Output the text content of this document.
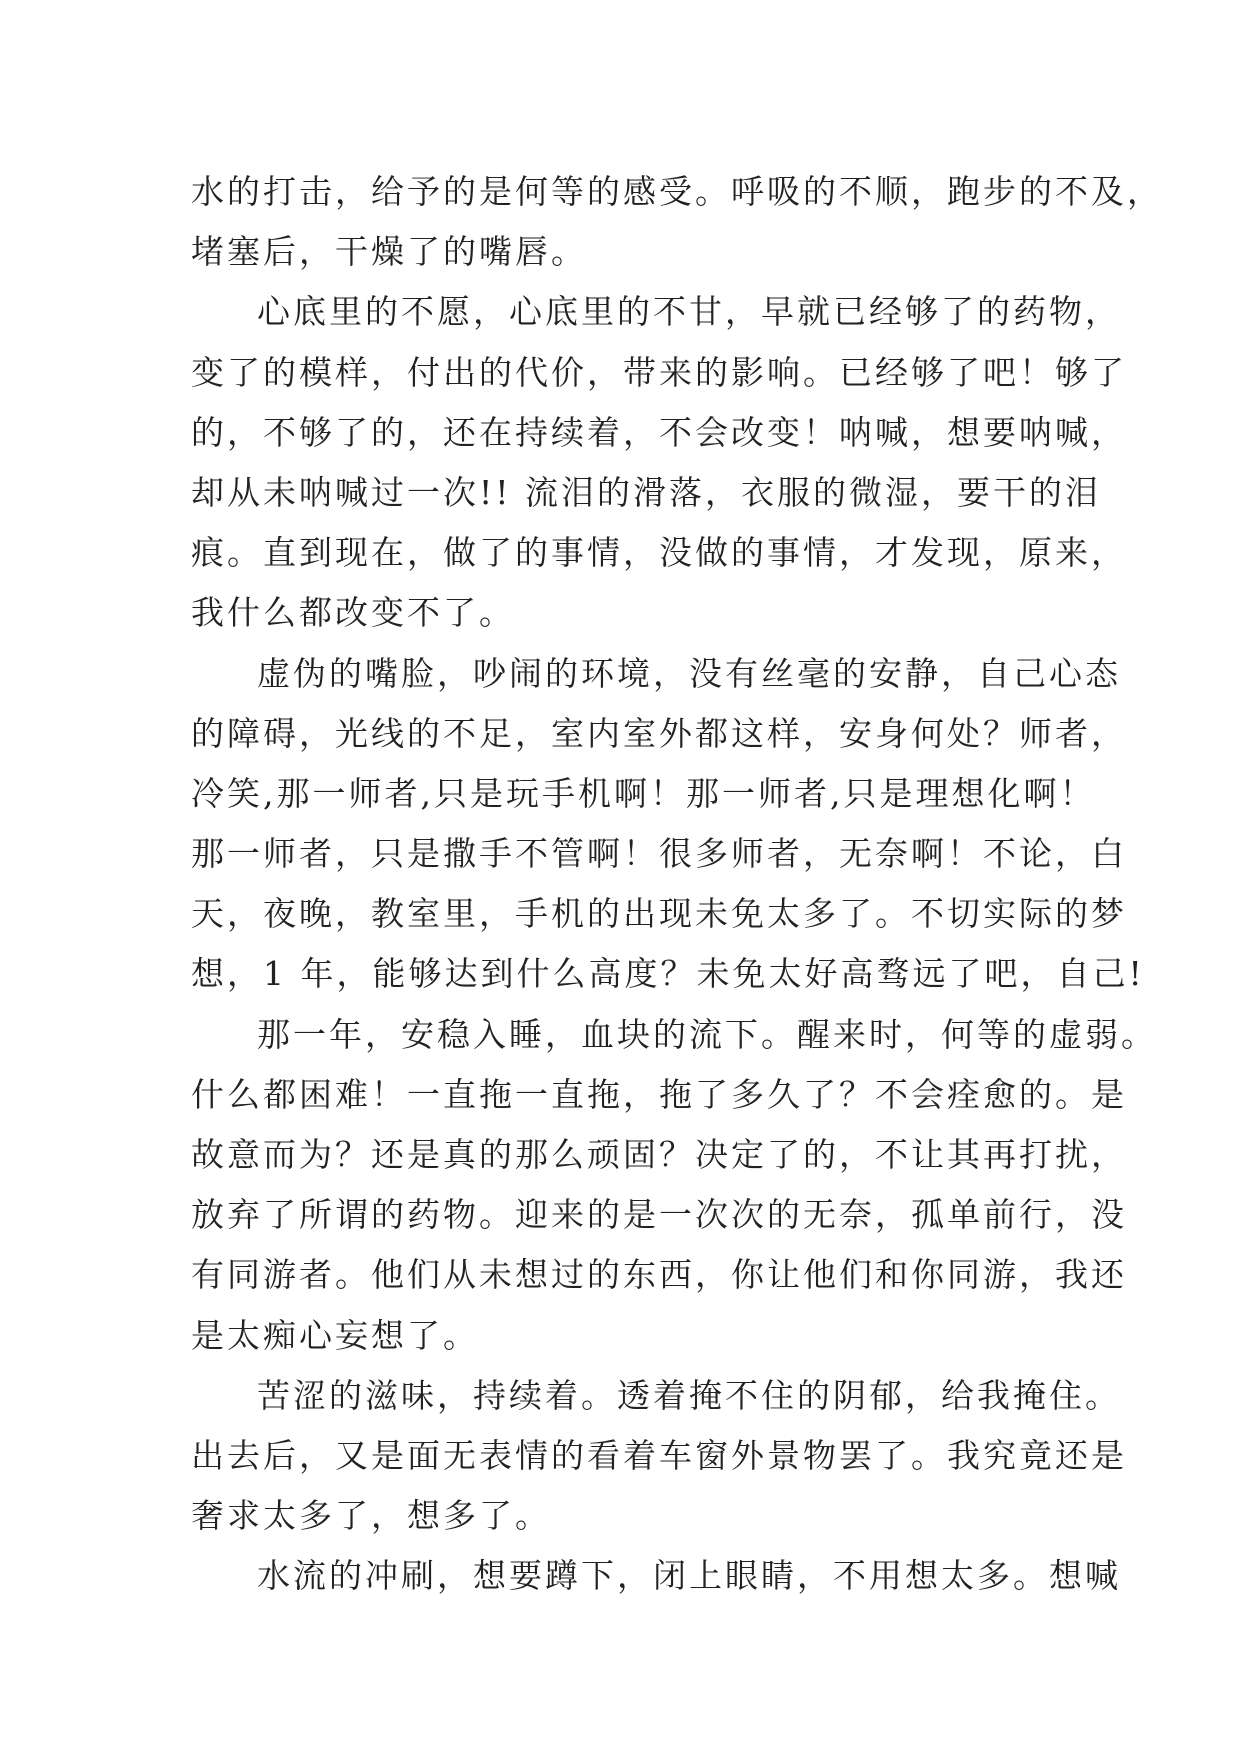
水的打击，给予的是何等的感受。呼吸的不顺，跑步的不及，
堵塞后，干燥了的嘴唇。
心底里的不愿，心底里的不甘，早就已经够了的药物，
变了的模样，付出的代价，带来的影响。已经够了吧！够了
的，不够了的，还在持续着，不会改变！呐喊，想要呐喊，
却从未呐喊过一次!! 流泪的滑落，衣服的微湿，要干的泪
痕。直到现在，做了的事情，没做的事情，才发现，原来，
我什么都改变不了。
虚伪的嘴脸，吵闹的环境，没有丝毫的安静，自己心态
的障碍，光线的不足，室内室外都这样，安身何处？师者，
冷笑,那一师者,只是玩手机啊！那一师者,只是理想化啊！
那一师者，只是撒手不管啊！很多师者，无奈啊！不论，白
天，夜晚，教室里，手机的出现未免太多了。不切实际的梦
想，1 年，能够达到什么高度？未免太好高骛远了吧，自己!
那一年，安稳入睡，血块的流下。醒来时，何等的虚弱。
什么都困难！一直拖一直拖，拖了多久了？不会痊愈的。是
故意而为？还是真的那么顽固？决定了的，不让其再打扰，
放弃了所谓的药物。迎来的是一次次的无奈，孤单前行，没
有同游者。他们从未想过的东西，你让他们和你同游，我还
是太痴心妄想了。
苦涩的滋味，持续着。透着掩不住的阴郁，给我掩住。
出去后，又是面无表情的看着车窗外景物罢了。我究竟还是
奢求太多了，想多了。
水流的冲刷，想要蹲下，闭上眼睛，不用想太多。想喊
